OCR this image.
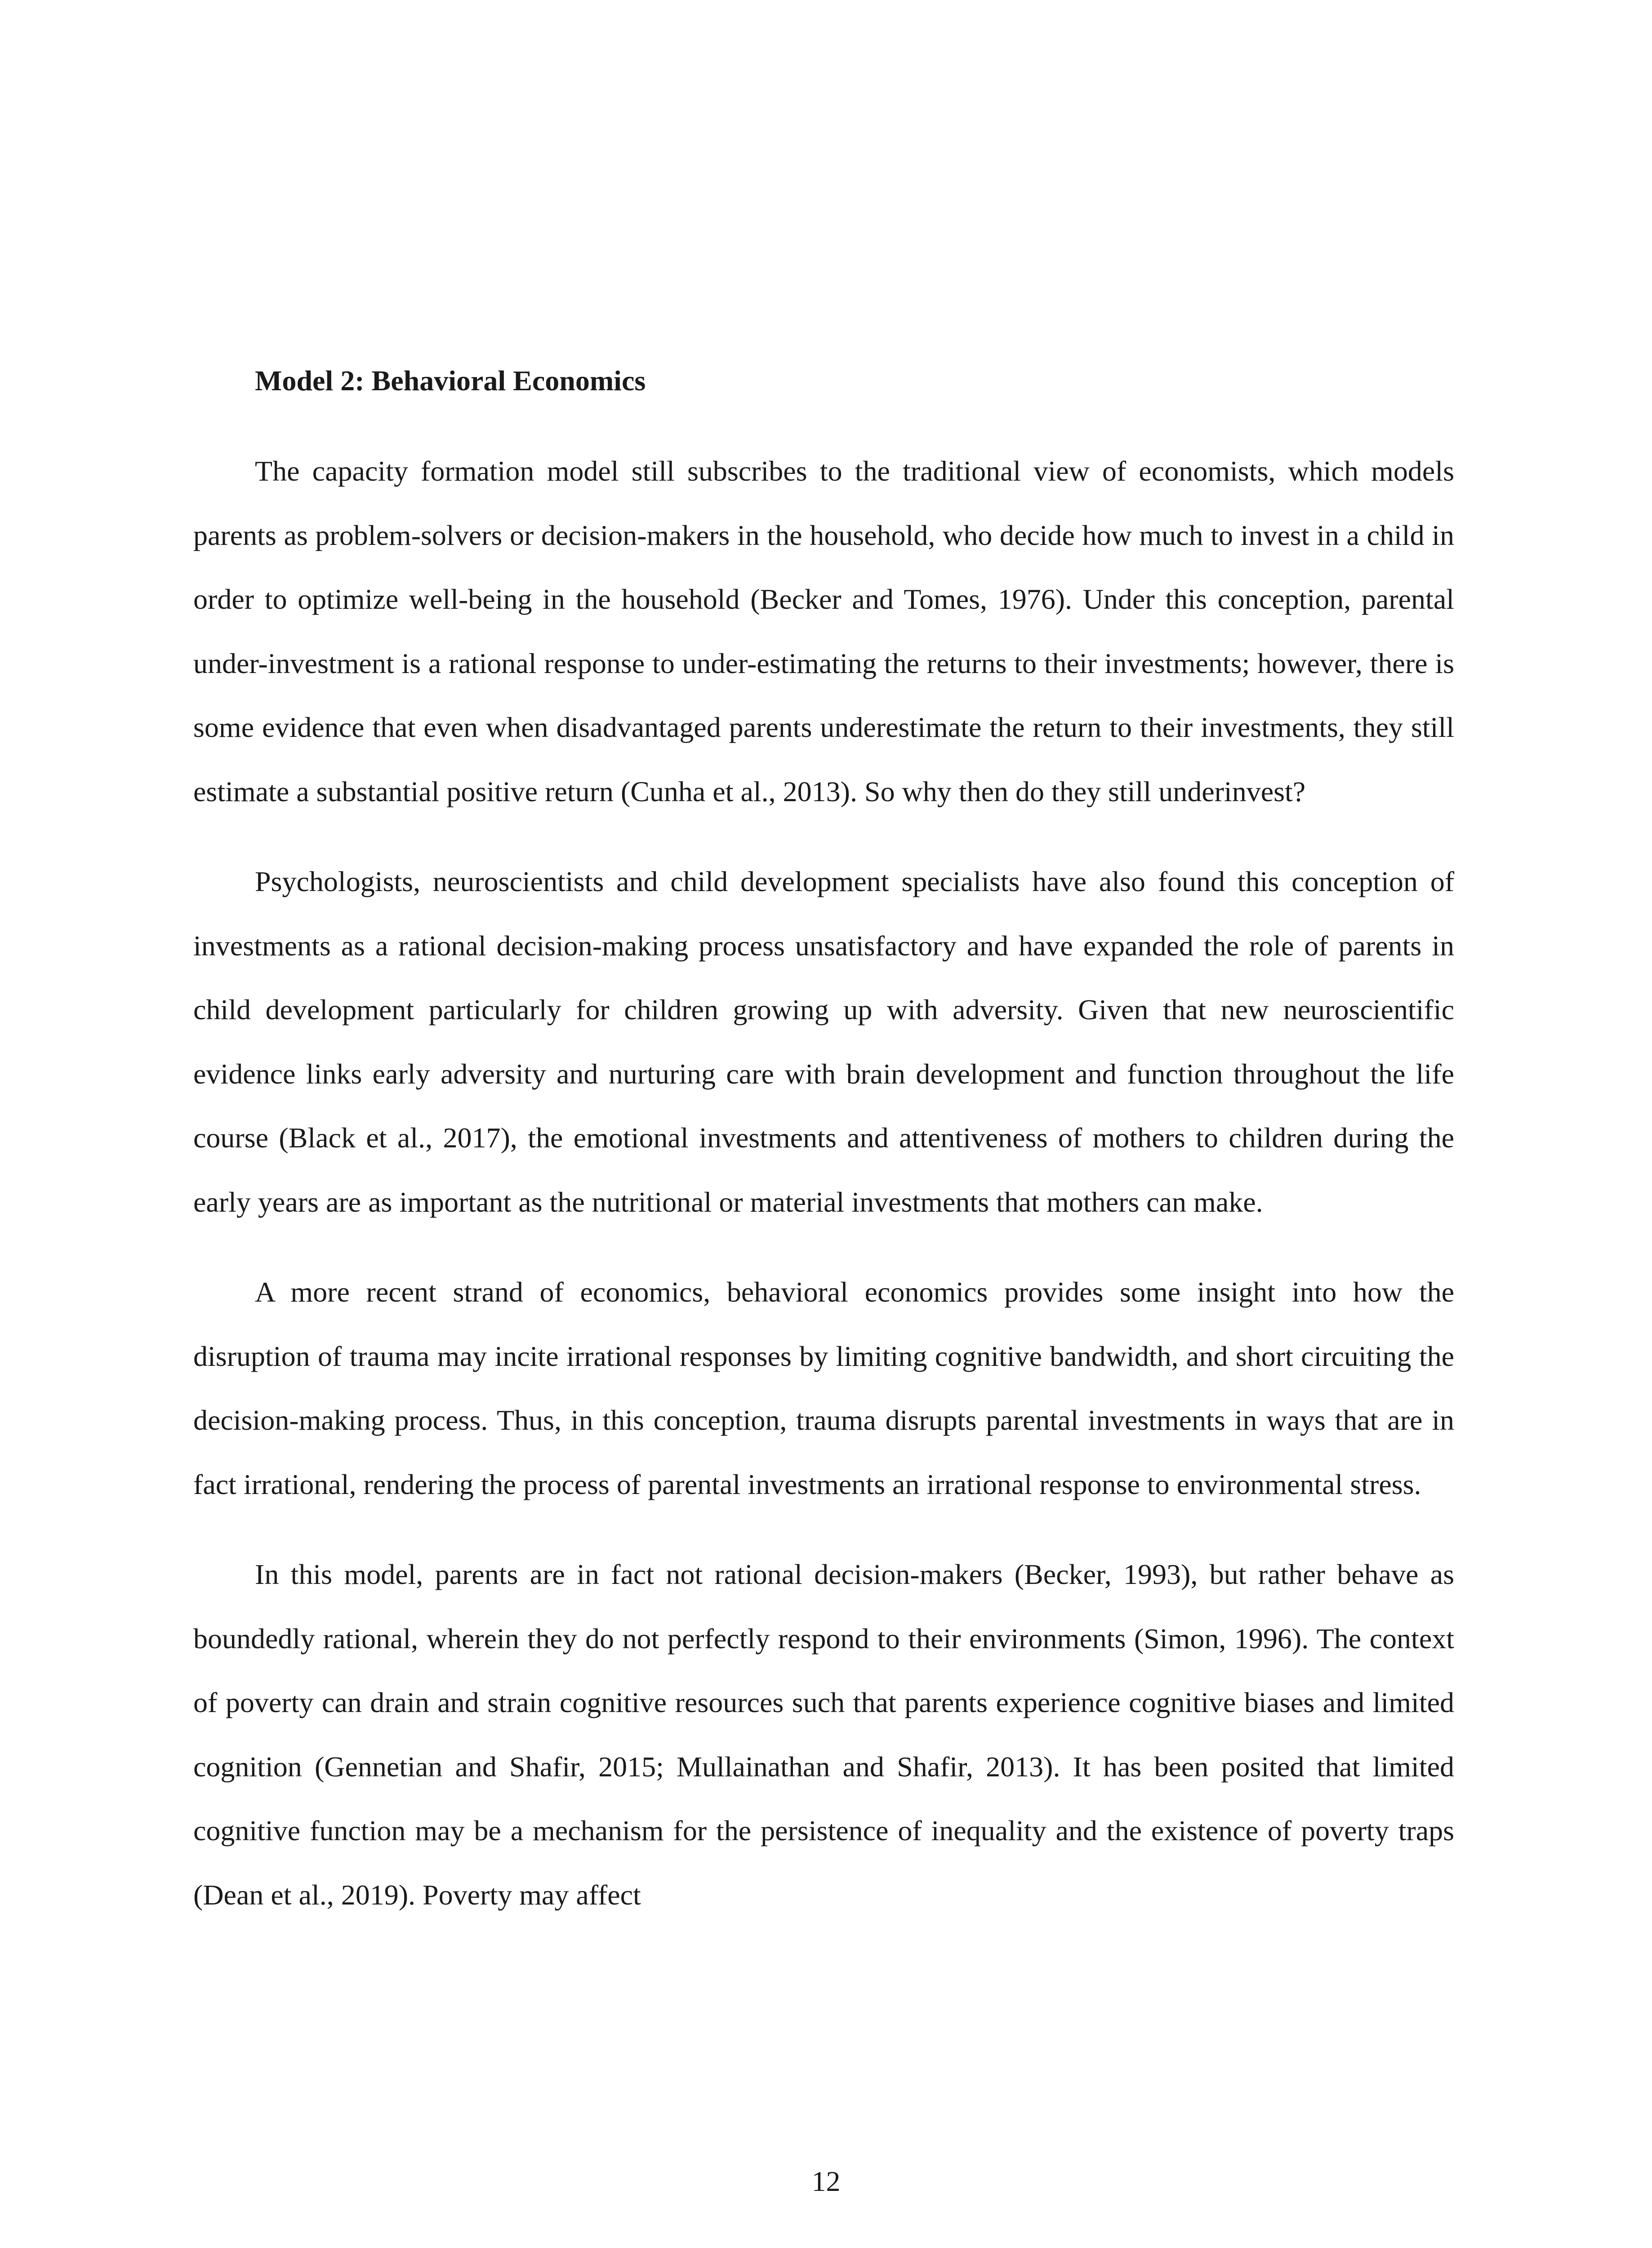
Model 2: Behavioral Economics

The capacity formation model still subscribes to the traditional view of economists, which models parents as problem-solvers or decision-makers in the household, who decide how much to invest in a child in order to optimize well-being in the household (Becker and Tomes, 1976). Under this conception, parental under-investment is a rational response to under-estimating the returns to their investments; however, there is some evidence that even when disadvantaged parents underestimate the return to their investments, they still estimate a substantial positive return (Cunha et al., 2013). So why then do they still underinvest?

Psychologists, neuroscientists and child development specialists have also found this conception of investments as a rational decision-making process unsatisfactory and have expanded the role of parents in child development particularly for children growing up with adversity. Given that new neuroscientific evidence links early adversity and nurturing care with brain development and function throughout the life course (Black et al., 2017), the emotional investments and attentiveness of mothers to children during the early years are as important as the nutritional or material investments that mothers can make.

A more recent strand of economics, behavioral economics provides some insight into how the disruption of trauma may incite irrational responses by limiting cognitive bandwidth, and short circuiting the decision-making process. Thus, in this conception, trauma disrupts parental investments in ways that are in fact irrational, rendering the process of parental investments an irrational response to environmental stress.

In this model, parents are in fact not rational decision-makers (Becker, 1993), but rather behave as boundedly rational, wherein they do not perfectly respond to their environments (Simon, 1996). The context of poverty can drain and strain cognitive resources such that parents experience cognitive biases and limited cognition (Gennetian and Shafir, 2015; Mullainathan and Shafir, 2013). It has been posited that limited cognitive function may be a mechanism for the persistence of inequality and the existence of poverty traps (Dean et al., 2019). Poverty may affect

12
